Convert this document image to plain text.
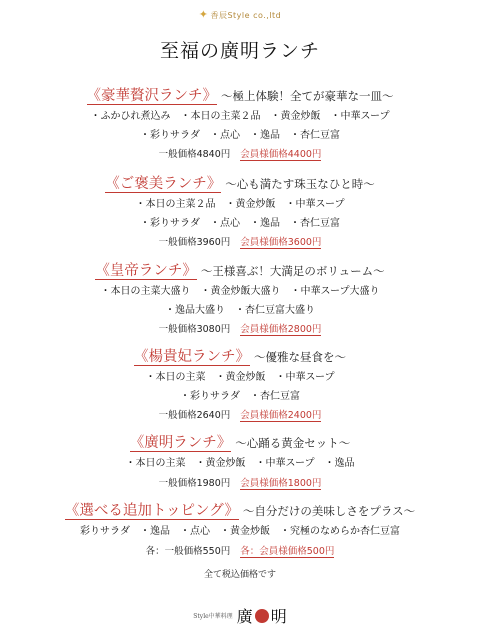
✦ 香辰Style co.,ltd
至福の廣明ランチ
《豪華贅沢ランチ》 ～極上体験！全てが豪華な一皿～
・ふかひれ煮込み　・本日の主菜２品　・黄金炒飯　・中華スープ
・彩りサラダ　・点心　・逸品　・杏仁豆富
一般価格4840円 会員様価格4400円
《ご褒美ランチ》 ～心も満たす珠玉なひと時～
・本日の主菜２品　・黄金炒飯　・中華スープ
・彩りサラダ　・点心　・逸品　・杏仁豆富
一般価格3960円 会員様価格3600円
《皇帝ランチ》 ～王様喜ぶ！大満足のボリューム～
・本日の主菜大盛り　・黄金炒飯大盛り　・中華スープ大盛り
・逸品大盛り　・杏仁豆富大盛り
一般価格3080円 会員様価格2800円
《楊貴妃ランチ》 ～優雅な昼食を～
・本日の主菜　・黄金炒飯　・中華スープ
・彩りサラダ　・杏仁豆富
一般価格2640円 会員様価格2400円
《廣明ランチ》 ～心踊る黄金セット～
・本日の主菜　・黄金炒飯　・中華スープ　・逸品
一般価格1980円 会員様価格1800円
《選べる追加トッピング》 ～自分だけの美味しさをプラス～
彩りサラダ　・逸品　・点心　・黄金炒飯　・究極のなめらか杏仁豆富
各：一般価格550円 各：会員様価格500円
全て税込価格です
Style中華料理 廣 明
